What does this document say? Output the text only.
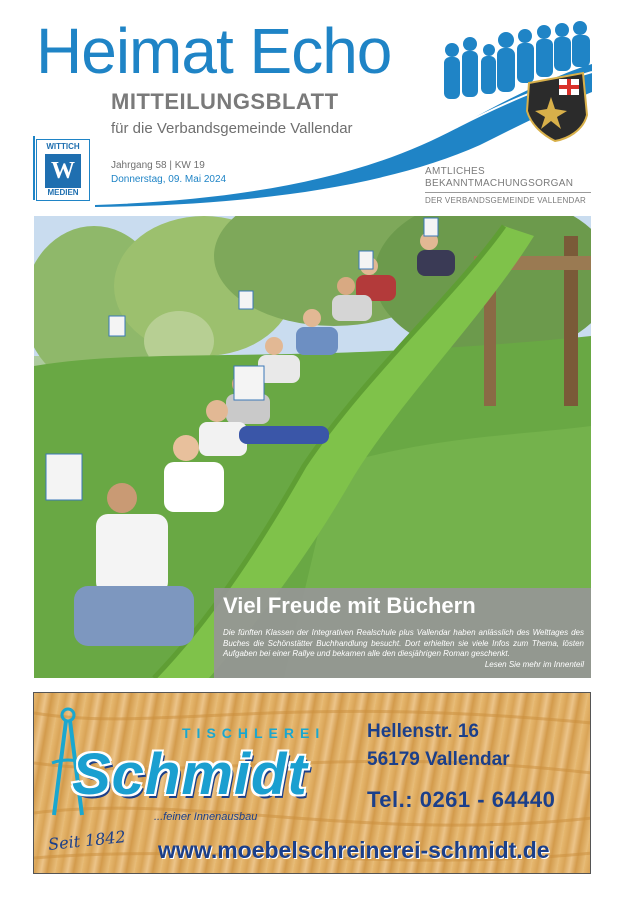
Heimat Echo
MITTEILUNGSBLATT

für die Verbandsgemeinde Vallendar

Jahrgang 58 | KW 19
Donnerstag, 09. Mai 2024
WITTICH
W
MEDIEN
AMTLICHES
BEKANNTMACHUNGSORGAN
DER VERBANDSGEMEINDE VALLENDAR
Viel Freude mit Büchern

Die fünften Klassen der Integrativen Realschule plus Vallendar haben anlässlich des Welttages des Buches die Schönstätter Buchhandlung besucht. Dort erhielten sie viele Infos zum Thema, lösten Aufgaben bei einer Rallye und bekamen alle den diesjährigen Roman geschenkt.

Lesen Sie mehr im Innenteil
TISCHLEREI
Schmidt
...feiner Innenausbau
Seit 1842
Hellenstr. 16
56179 Vallendar
Tel.: 0261 - 64440
www.moebelschreinerei-schmidt.de
